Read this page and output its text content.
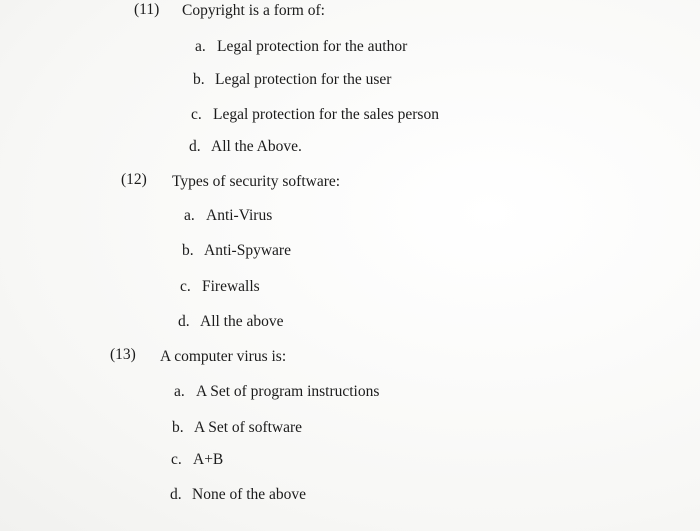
(11) Copyright is a form of:
a. Legal protection for the author
b. Legal protection for the user
c. Legal protection for the sales person
d. All the Above.
(12) Types of security software:
a. Anti-Virus
b. Anti-Spyware
c. Firewalls
d. All the above
(13) A computer virus is:
a. A Set of program instructions
b. A Set of software
c. A+B
d. None of the above
